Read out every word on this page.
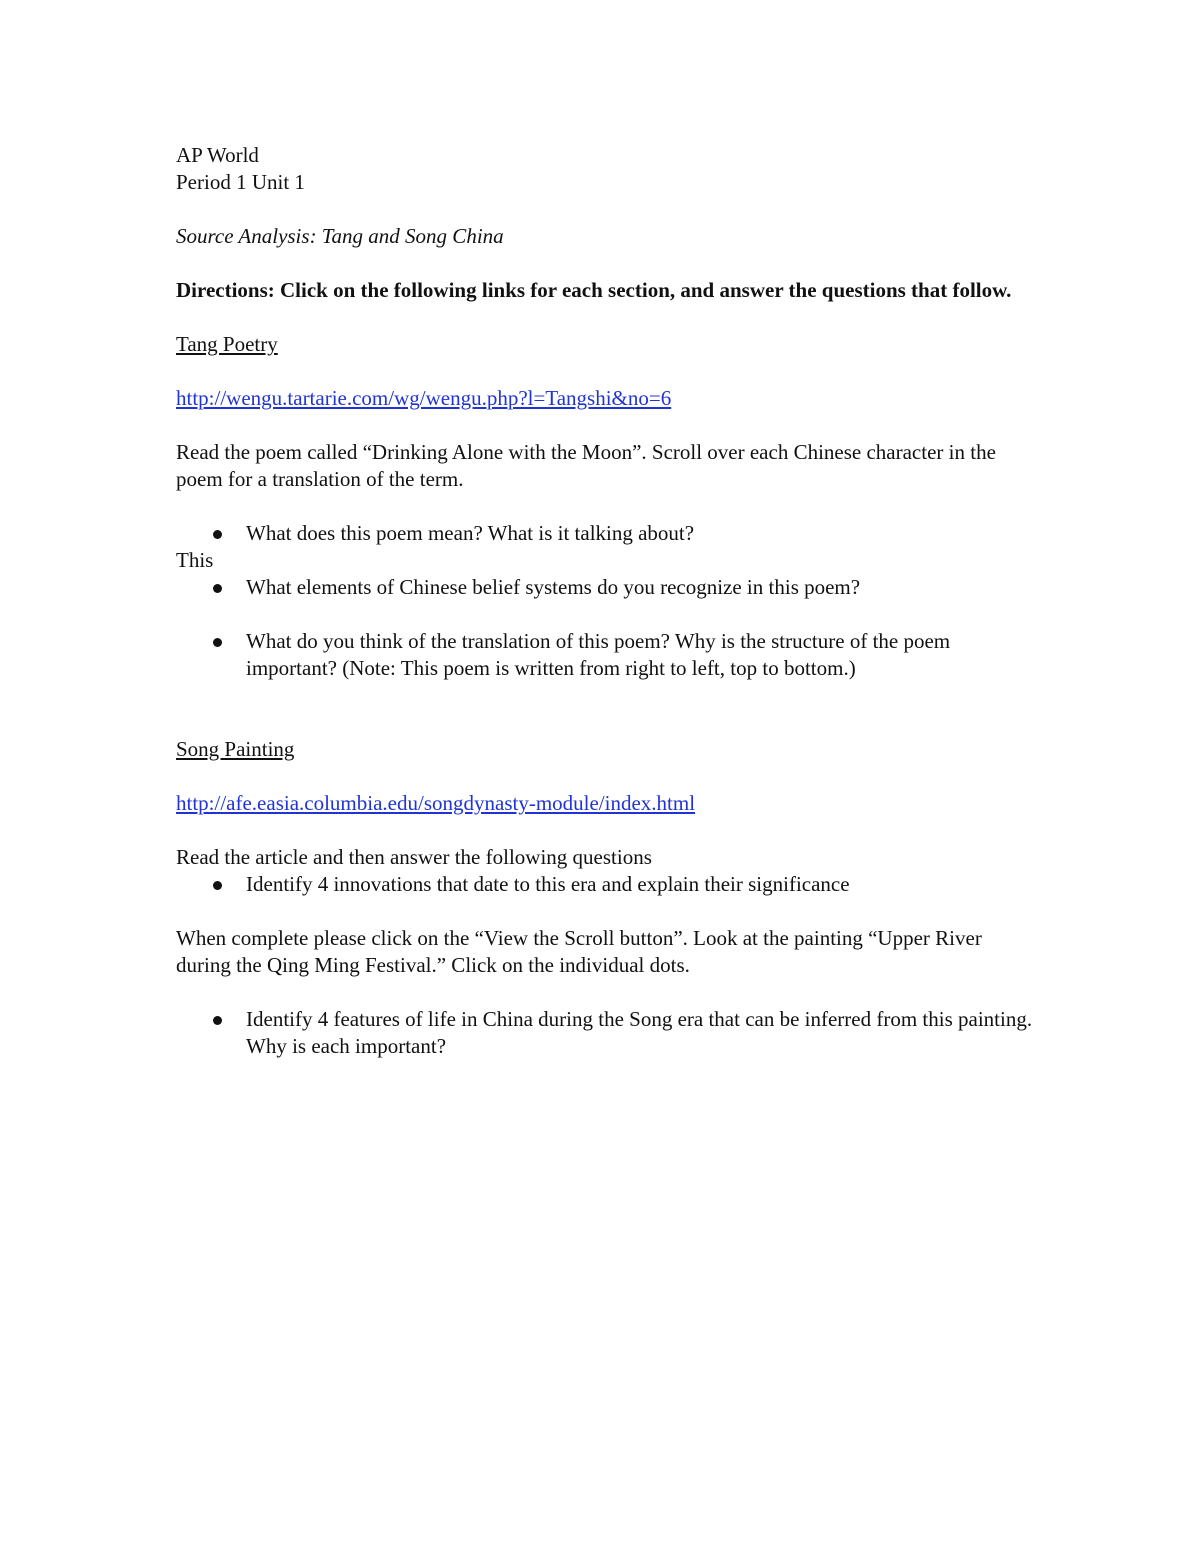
AP World
Period 1 Unit 1
Source Analysis: Tang and Song China

Directions: Click on the following links for each section, and answer the questions that follow.

Tang Poetry
http://wengu.tartarie.com/wg/wengu.php?l=Tangshi&no=6

Read the poem called “Drinking Alone with the Moon”. Scroll over each Chinese character in the poem for a translation of the term.

What does this poem mean? What is it talking about?
This
What elements of Chinese belief systems do you recognize in this poem?
What do you think of the translation of this poem? Why is the structure of the poem important? (Note: This poem is written from right to left, top to bottom.)
Song Painting
http://afe.easia.columbia.edu/songdynasty-module/index.html
Read the article and then answer the following questions
Identify 4 innovations that date to this era and explain their significance

When complete please click on the “View the Scroll button”. Look at the painting “Upper River during the Qing Ming Festival.” Click on the individual dots.

Identify 4 features of life in China during the Song era that can be inferred from this painting. Why is each important?
